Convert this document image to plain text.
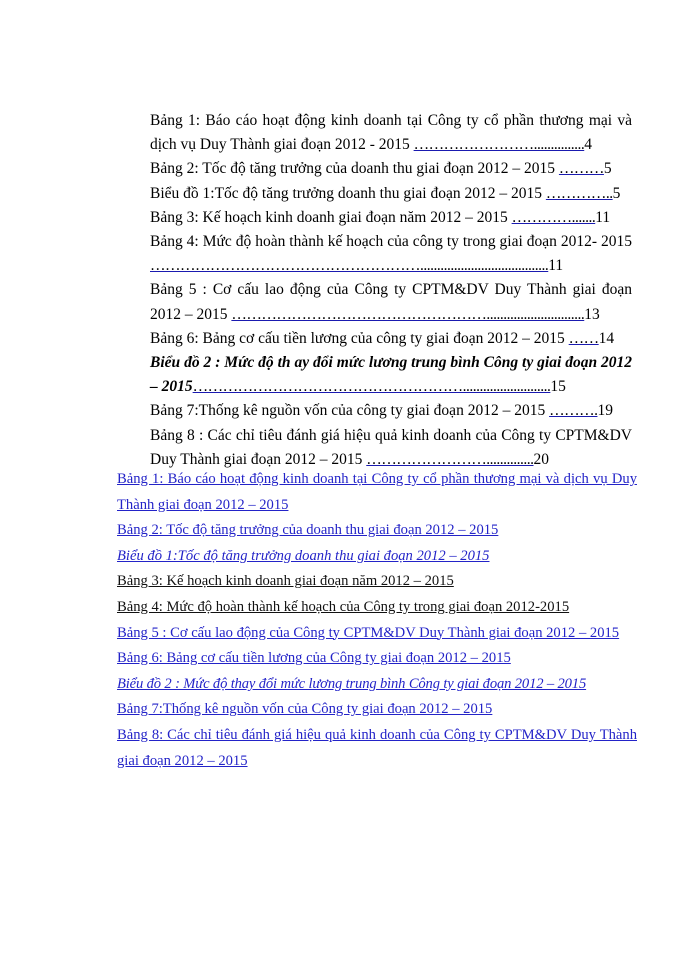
Bảng 1: Báo cáo hoạt động kinh doanh tại Công ty cổ phần thương mại và dịch vụ Duy Thành giai đoạn 2012 - 2015 ……………………...............4

Bảng 2: Tốc độ tăng trưởng của doanh thu giai đoạn 2012 – 2015 ………5

Biểu đồ 1:Tốc độ tăng trưởng doanh thu giai đoạn 2012 – 2015 …………..5

Bảng 3: Kế hoạch kinh doanh giai đoạn năm 2012 – 2015 ………….......11

Bảng 4: Mức độ hoàn thành kế hoạch của công ty trong giai đoạn 2012- 2015 ………………………………………………......................................11

Bảng 5 : Cơ cấu lao động của Công ty CPTM&DV Duy Thành giai đoạn 2012 – 2015 …………………………………………….............................13

Bảng 6: Bảng cơ cấu tiền lương của công ty giai đoạn 2012 – 2015 ……14

Biểu đồ 2 : Mức độ th ay đổi mức lương trung bình Công ty giai đoạn 2012 – 2015………………………………………………..........................15

Bảng 7:Thống kê nguồn vốn của công ty giai đoạn 2012 – 2015 ……….19

Bảng 8 : Các chỉ tiêu đánh giá hiệu quả kinh doanh của Công ty CPTM&DV Duy Thành giai đoạn 2012 – 2015 ……………………..............20

Bảng 1: Báo cáo hoạt động kinh doanh tại Công ty cổ phần thương mại và dịch vụ Duy Thành giai đoạn 2012 – 2015

Bảng 2: Tốc độ tăng trưởng của doanh thu giai đoạn 2012 – 2015

Biểu đồ 1:Tốc độ tăng trưởng doanh thu giai đoạn 2012 – 2015

Bảng 3: Kế hoạch kinh doanh giai đoạn năm 2012 – 2015

Bảng 4: Mức độ hoàn thành kế hoạch của Công ty trong giai đoạn 2012-2015

Bảng 5 : Cơ cấu lao động của Công ty CPTM&DV Duy Thành giai đoạn 2012 – 2015

Bảng 6: Bảng cơ cấu tiền lương của Công ty giai đoạn 2012 – 2015

Biểu đồ 2 : Mức độ thay đổi mức lương trung bình Công ty giai đoạn 2012 – 2015

Bảng 7:Thống kê nguồn vốn của Công ty giai đoạn 2012 – 2015

Bảng 8: Các chỉ tiêu đánh giá hiệu quả kinh doanh của Công ty CPTM&DV Duy Thành giai đoạn 2012 – 2015
